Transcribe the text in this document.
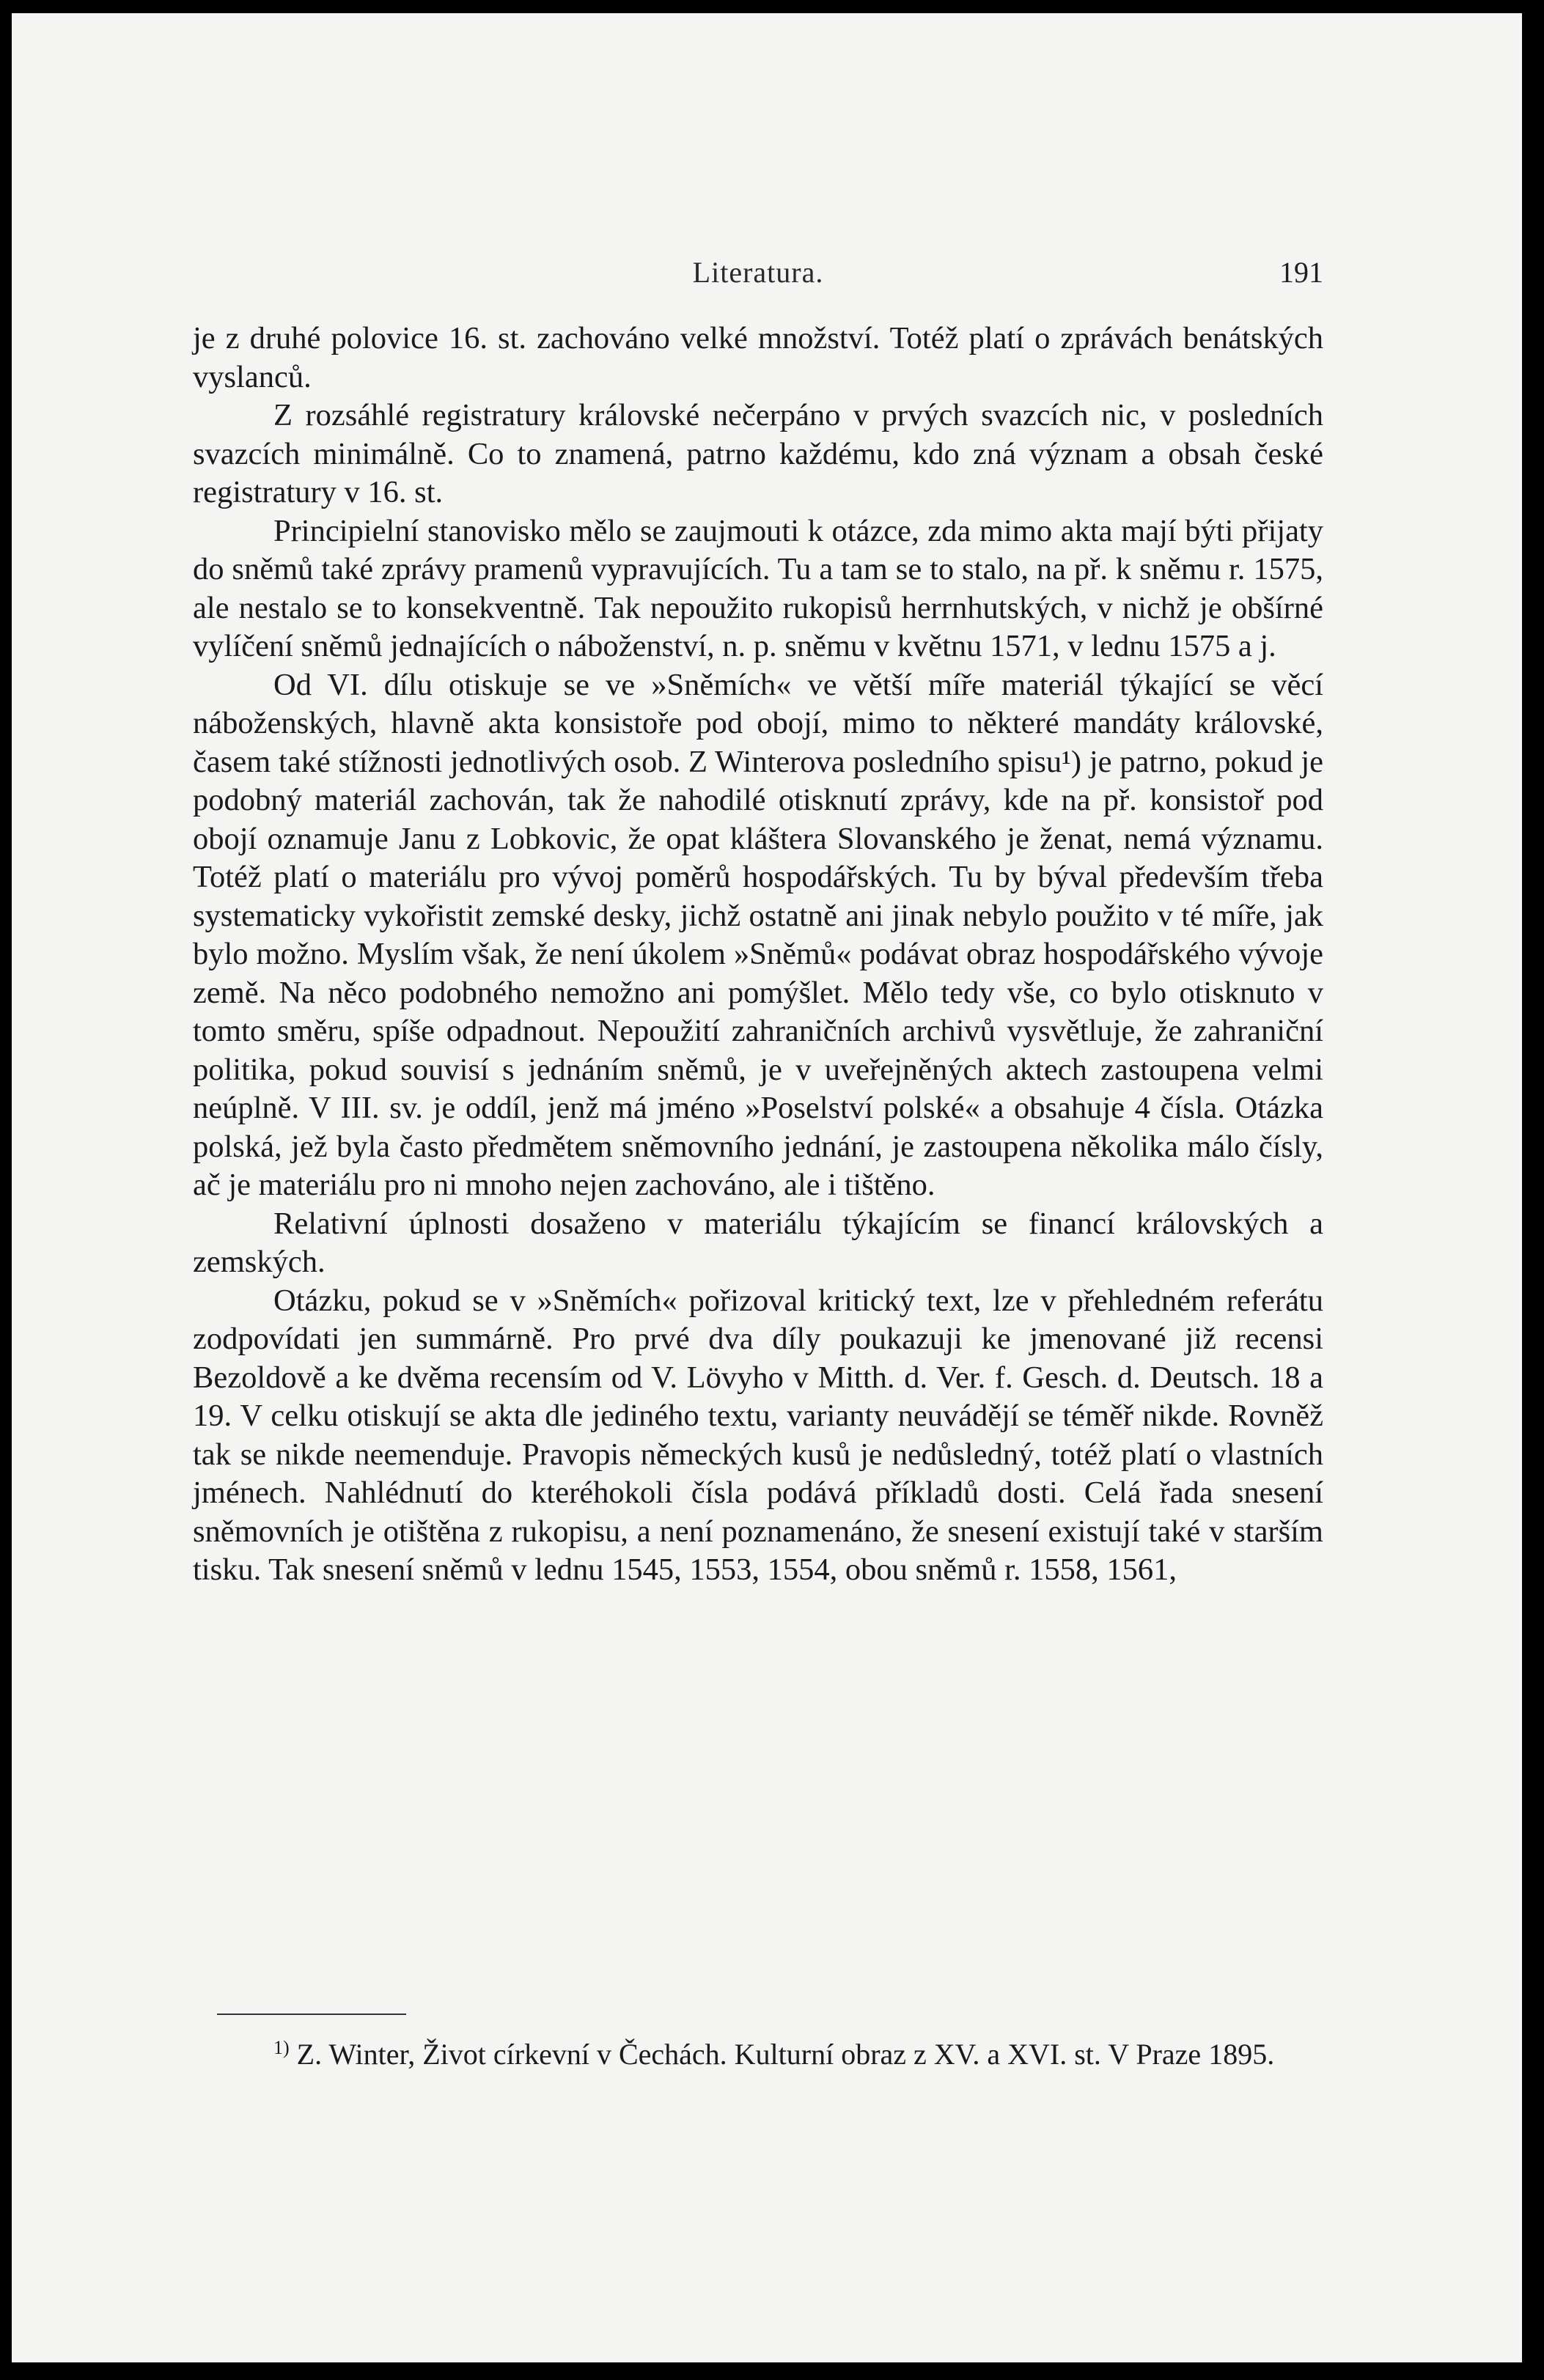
Literatura.	191

je z druhé polovice 16. st. zachováno velké množství. Totéž platí o zprávách benátských vyslanců.

Z rozsáhlé registratury královské nečerpáno v prvých svazcích nic, v posledních svazcích minimálně. Co to znamená, patrno každému, kdo zná význam a obsah české registratury v 16. st.

Principielní stanovisko mělo se zaujmouti k otázce, zda mimo akta mají býti přijaty do sněmů také zprávy pramenů vypravujících. Tu a tam se to stalo, na př. k sněmu r. 1575, ale nestalo se to konsekventně. Tak nepoužito rukopisů herrnhutských, v nichž je obšírné vylíčení sněmů jednajících o náboženství, n. p. sněmu v květnu 1571, v lednu 1575 a j.

Od VI. dílu otiskuje se ve »Sněmích« ve větší míře materiál týkající se věcí náboženských, hlavně akta konsistoře pod obojí, mimo to některé mandáty královské, časem také stížnosti jednotlivých osob. Z Winterova posledního spisu¹) je patrno, pokud je podobný materiál zachován, tak že nahodilé otisknutí zprávy, kde na př. konsistoř pod obojí oznamuje Janu z Lobkovic, že opat kláštera Slovanského je ženat, nemá významu. Totéž platí o materiálu pro vývoj poměrů hospodářských. Tu by býval především třeba systematicky vykořistit zemské desky, jichž ostatně ani jinak nebylo použito v té míře, jak bylo možno. Myslím však, že není úkolem »Sněmů« podávat obraz hospodářského vývoje země. Na něco podobného nemožno ani pomýšlet. Mělo tedy vše, co bylo otisknuto v tomto směru, spíše odpadnout. Nepoužití zahraničních archivů vysvětluje, že zahraniční politika, pokud souvisí s jednáním sněmů, je v uveřejněných aktech zastoupena velmi neúplně. V III. sv. je oddíl, jenž má jméno »Poselství polské« a obsahuje 4 čísla. Otázka polská, jež byla často předmětem sněmovního jednání, je zastoupena několika málo čísly, ač je materiálu pro ni mnoho nejen zachováno, ale i tištěno.

Relativní úplnosti dosaženo v materiálu týkajícím se financí královských a zemských.

Otázku, pokud se v »Sněmích« pořizoval kritický text, lze v přehledném referátu zodpovídati jen summárně. Pro prvé dva díly poukazuji ke jmenované již recensi Bezoldově a ke dvěma recensím od V. Lövyho v Mitth. d. Ver. f. Gesch. d. Deutsch. 18 a 19. V celku otiskují se akta dle jediného textu, varianty neuvádějí se téměř nikde. Rovněž tak se nikde neemenduje. Pravopis německých kusů je nedůsledný, totéž platí o vlastních jménech. Nahlédnutí do kteréhokoli čísla podává příkladů dosti. Celá řada snesení sněmovních je otištěna z rukopisu, a není poznamenáno, že snesení existují také v starším tisku. Tak snesení sněmů v lednu 1545, 1553, 1554, obou sněmů r. 1558, 1561,

$^{1)}$ Z. Winter, Život církevní v Čechách. Kulturní obraz z XV. a XVI. st. V Praze 1895.
